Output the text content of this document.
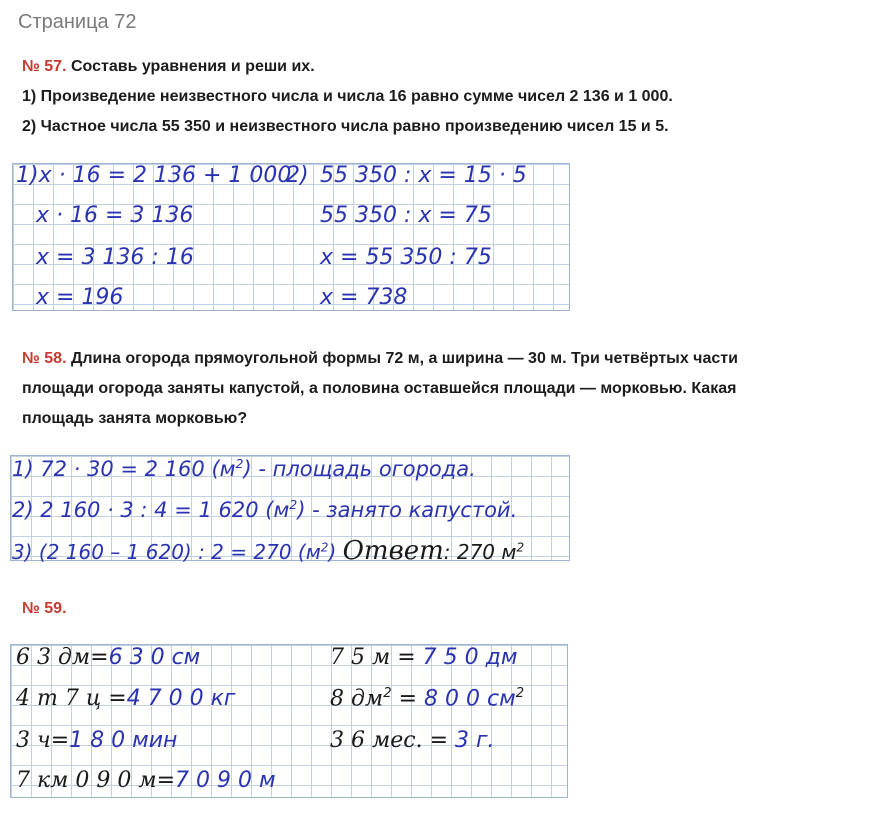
Страница 72
№ 57. Составь уравнения и реши их.
1) Произведение неизвестного числа и числа 16 равно сумме чисел 2 136 и 1 000.
2) Частное числа 55 350 и неизвестного числа равно произведению чисел 15 и 5.
1)x · 16 = 2 136 + 1 000
x · 16 = 3 136
x = 3 136 : 16
x = 196
2) 55 350 : x = 15 · 5
55 350 : x = 75
x = 55 350 : 75
x = 738
№ 58. Длина огорода прямоугольной формы 72 м, а ширина — 30 м. Три четвёртых части
площади огорода заняты капустой, а половина оставшейся площади — морковью. Какая
площадь занята морковью?
1) 72 · 30 = 2 160 $(м^2)$ - площадь огорода.
2) 2 160 · 3 : 4 = 1 620 $(м^2)$ - занято капустой.
3) (2 160 – 1 620) : 2 = 270 $(м^2)$ Ответ: 270 $м^2$
№ 59.
6 3 дм=6 3 0 см
4 т 7 ц =4 7 0 0 кг
3 ч=1 8 0 мин
7 км 0 9 0 м=7 0 9 0 м
7 5 м = 7 5 0 дм
8 $дм^2 = 8$ 0 0 $см^2$
3 6 мес. = 3 г.
